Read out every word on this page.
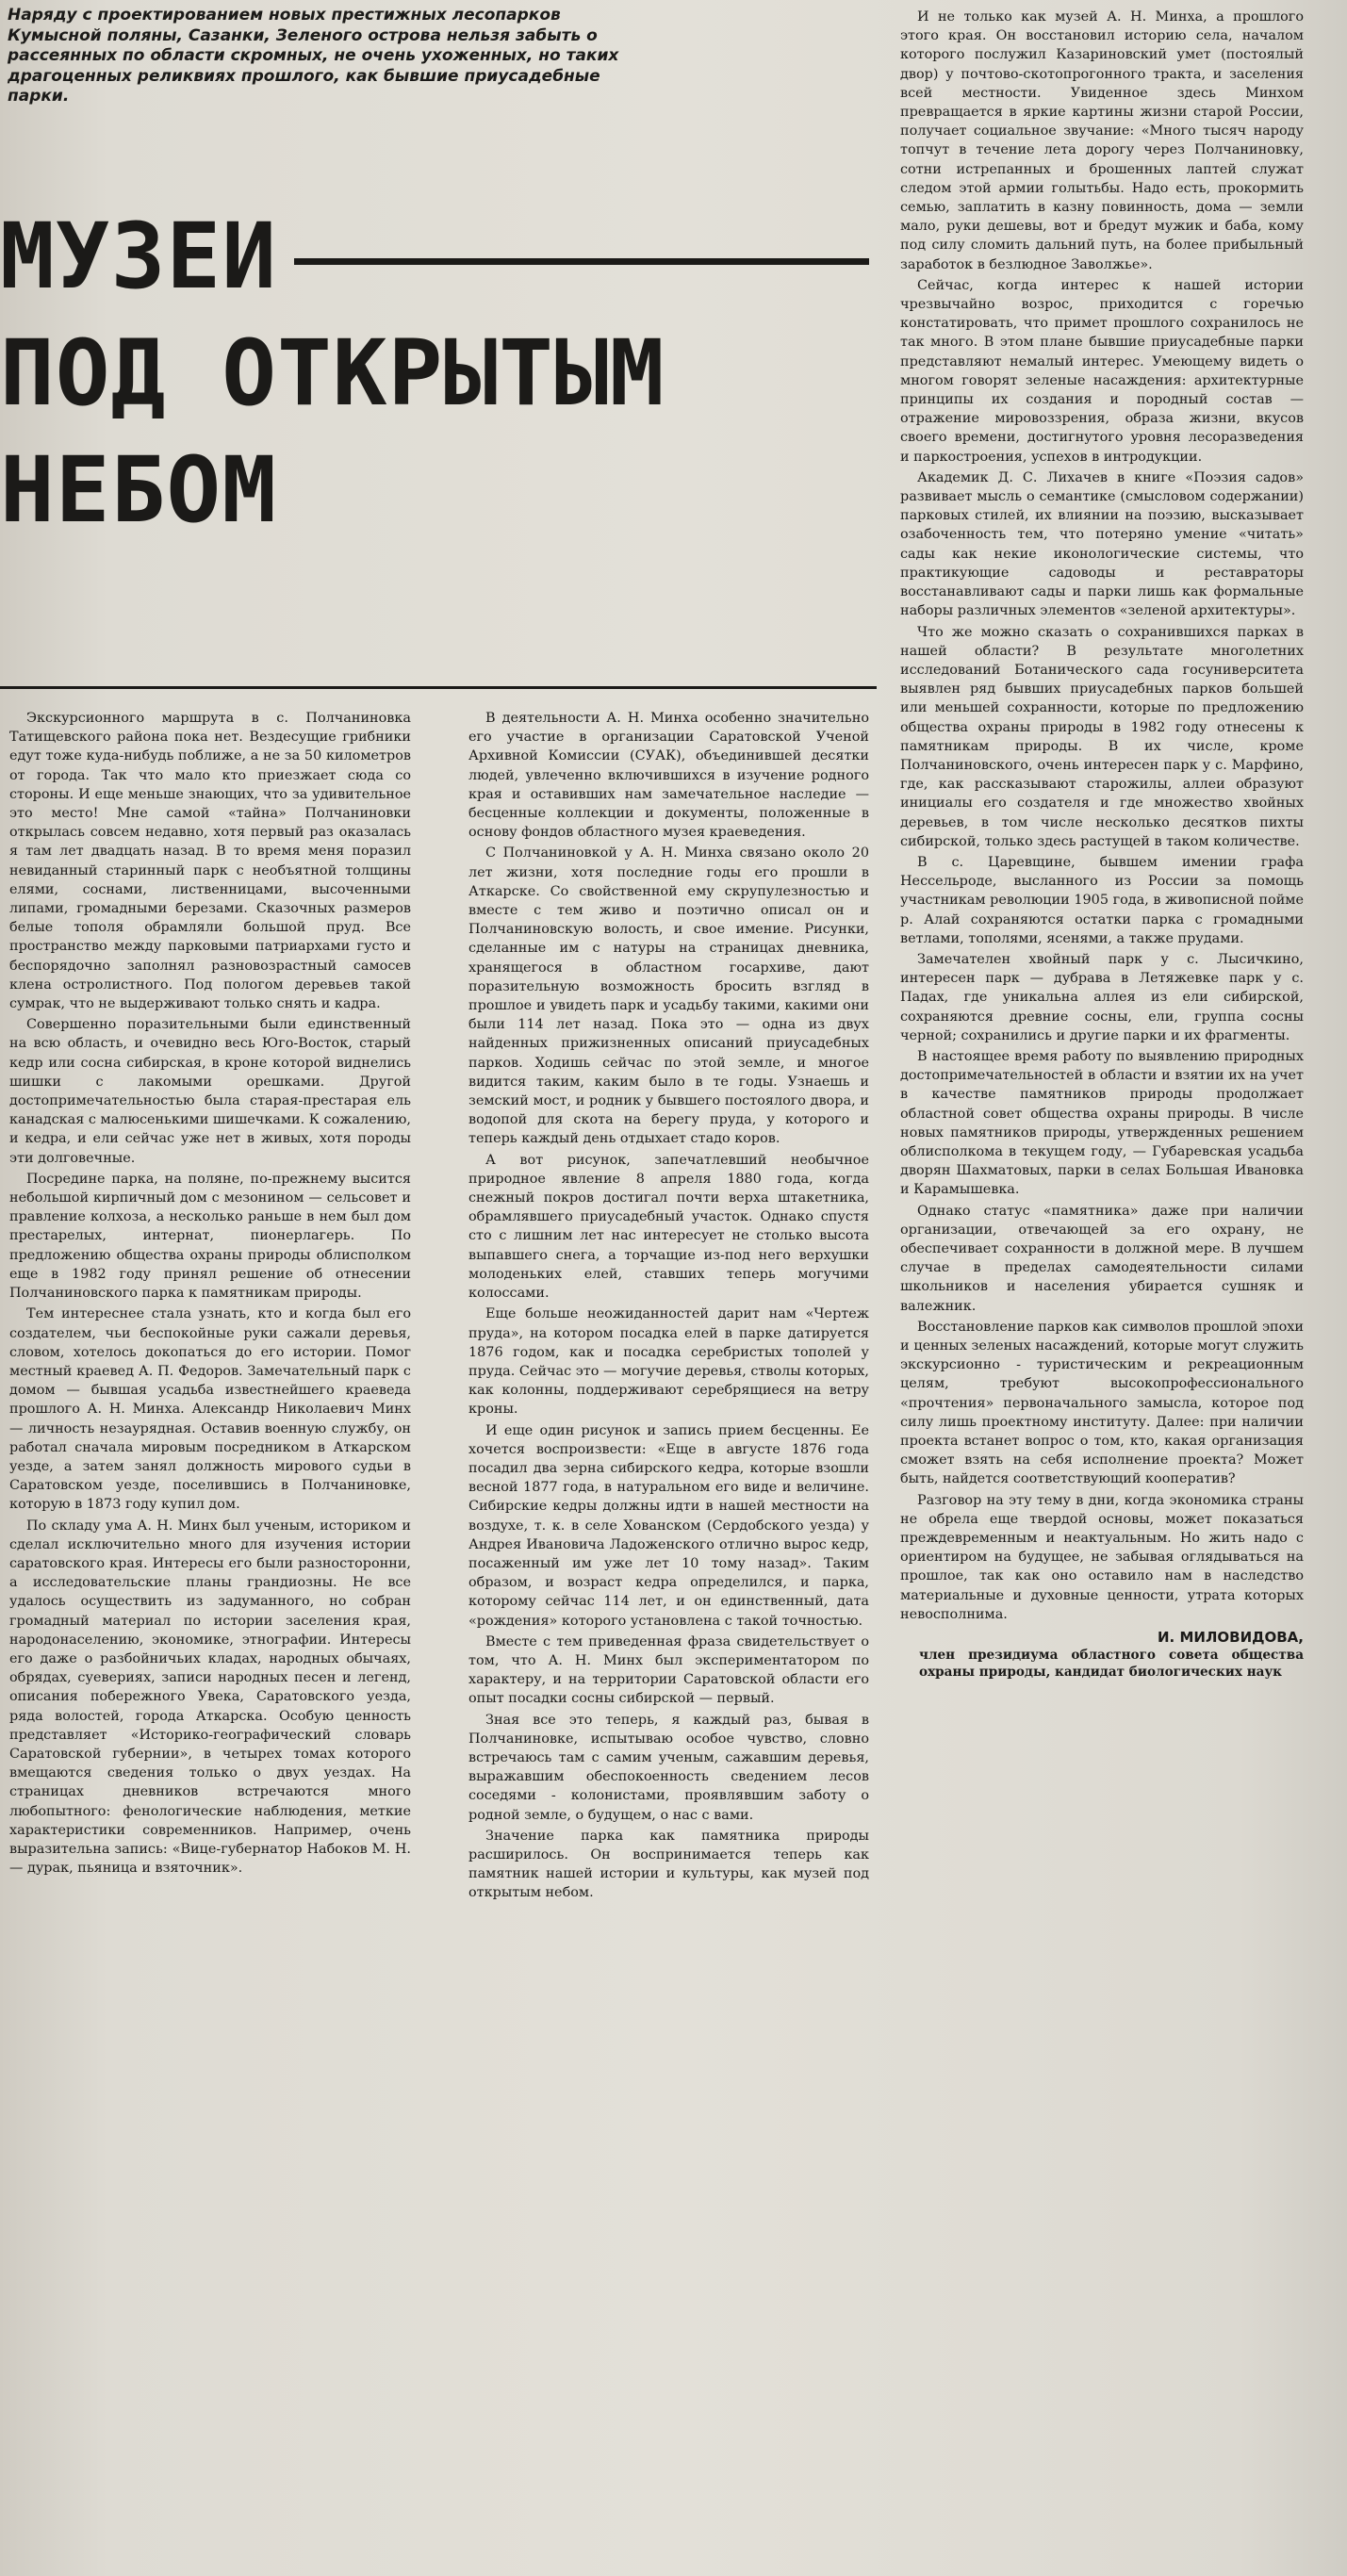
Наряду с проектированием новых престижных лесопарков Кумысной поляны, Сазанки, Зеленого острова нельзя забыть о рассеянных по области скромных, не очень ухоженных, но таких драгоценных реликвиях прошлого, как бывшие приусадебные парки.
МУЗЕИ
ПОД ОТКРЫТЫМ
НЕБОМ

Экскурсионного маршрута в с. Полчаниновка Татищевского района пока нет. Вездесущие грибники едут тоже куда-нибудь поближе, а не за 50 километров от города. Так что мало кто приезжает сюда со стороны. И еще меньше знающих, что за удивительное это место! Мне самой «тайна» Полчаниновки открылась совсем недавно, хотя первый раз оказалась я там лет двадцать назад. В то время меня поразил невиданный старинный парк с необъятной толщины елями, соснами, лиственницами, высоченными липами, громадными березами. Сказочных размеров белые тополя обрамляли большой пруд. Все пространство между парковыми патриархами густо и беспорядочно заполнял разновозрастный самосев клена остролистного. Под пологом деревьев такой сумрак, что не выдерживают только снять и кадра.

Совершенно поразительными были единственный на всю область, и очевидно весь Юго-Восток, старый кедр или сосна сибирская, в кроне которой виднелись шишки с лакомыми орешками. Другой достопримечательностью была старая-престарая ель канадская с малюсенькими шишечками. К сожалению, и кедра, и ели сейчас уже нет в живых, хотя породы эти долговечные.

Посредине парка, на поляне, по-прежнему высится небольшой кирпичный дом с мезонином — сельсовет и правление колхоза, а несколько раньше в нем был дом престарелых, интернат, пионерлагерь. По предложению общества охраны природы облисполком еще в 1982 году принял решение об отнесении Полчаниновского парка к памятникам природы.

Тем интереснее стала узнать, кто и когда был его создателем, чьи беспокойные руки сажали деревья, словом, хотелось докопаться до его истории. Помог местный краевед А. П. Федоров. Замечательный парк с домом — бывшая усадьба известнейшего краеведа прошлого А. Н. Минха. Александр Николаевич Минх — личность незаурядная. Оставив военную службу, он работал сначала мировым посредником в Аткарском уезде, а затем занял должность мирового судьи в Саратовском уезде, поселившись в Полчаниновке, которую в 1873 году купил дом.

По складу ума А. Н. Минх был ученым, историком и сделал исключительно много для изучения истории саратовского края. Интересы его были разносторонни, а исследовательские планы грандиозны. Не все удалось осуществить из задуманного, но собран громадный материал по истории заселения края, народонаселению, экономике, этнографии. Интересы его даже о разбойничьих кладах, народных обычаях, обрядах, суевериях, записи народных песен и легенд, описания побережного Увека, Саратовского уезда, ряда волостей, города Аткарска. Особую ценность представляет «Историко-географический словарь Саратовской губернии», в четырех томах которого вмещаются сведения только о двух уездах. На страницах дневников встречаются много любопытного: фенологические наблюдения, меткие характеристики современников. Например, очень выразительна запись: «Вице-губернатор Набоков М. Н. — дурак, пьяница и взяточник».

В деятельности А. Н. Минха особенно значительно его участие в организации Саратовской Ученой Архивной Комиссии (СУАК), объединившей десятки людей, увлеченно включившихся в изучение родного края и оставивших нам замечательное наследие — бесценные коллекции и документы, положенные в основу фондов областного музея краеведения.

С Полчаниновкой у А. Н. Минха связано около 20 лет жизни, хотя последние годы его прошли в Аткарске. Со свойственной ему скрупулезностью и вместе с тем живо и поэтично описал он и Полчаниновскую волость, и свое имение. Рисунки, сделанные им с натуры на страницах дневника, хранящегося в областном госархиве, дают поразительную возможность бросить взгляд в прошлое и увидеть парк и усадьбу такими, какими они были 114 лет назад. Пока это — одна из двух найденных прижизненных описаний приусадебных парков. Ходишь сейчас по этой земле, и многое видится таким, каким было в те годы. Узнаешь и земский мост, и родник у бывшего постоялого двора, и водопой для скота на берегу пруда, у которого и теперь каждый день отдыхает стадо коров.

А вот рисунок, запечатлевший необычное природное явление 8 апреля 1880 года, когда снежный покров достигал почти верха штакетника, обрамлявшего приусадебный участок. Однако спустя сто с лишним лет нас интересует не столько высота выпавшего снега, а торчащие из-под него верхушки молоденьких елей, ставших теперь могучими колоссами.

Еще больше неожиданностей дарит нам «Чертеж пруда», на котором посадка елей в парке датируется 1876 годом, как и посадка серебристых тополей у пруда. Сейчас это — могучие деревья, стволы которых, как колонны, поддерживают серебрящиеся на ветру кроны.

И еще один рисунок и запись прием бесценны. Ее хочется воспроизвести: «Еще в августе 1876 года посадил два зерна сибирского кедра, которые взошли весной 1877 года, в натуральном его виде и величине. Сибирские кедры должны идти в нашей местности на воздухе, т. к. в селе Хованском (Сердобского уезда) у Андрея Ивановича Ладоженского отлично вырос кедр, посаженный им уже лет 10 тому назад». Таким образом, и возраст кедра определился, и парка, которому сейчас 114 лет, и он единственный, дата «рождения» которого установлена с такой точностью.

Вместе с тем приведенная фраза свидетельствует о том, что А. Н. Минх был экспериментатором по характеру, и на территории Саратовской области его опыт посадки сосны сибирской — первый.

Зная все это теперь, я каждый раз, бывая в Полчаниновке, испытываю особое чувство, словно встречаюсь там с самим ученым, сажавшим деревья, выражавшим обеспокоенность сведением лесов соседями - колонистами, проявлявшим заботу о родной земле, о будущем, о нас с вами.

Значение парка как памятника природы расширилось. Он воспринимается теперь как памятник нашей истории и культуры, как музей под открытым небом.

И не только как музей А. Н. Минха, а прошлого этого края. Он восстановил историю села, началом которого послужил Казариновский умет (постоялый двор) у почтово-скотопрогонного тракта, и заселения всей местности. Увиденное здесь Минхом превращается в яркие картины жизни старой России, получает социальное звучание: «Много тысяч народу топчут в течение лета дорогу через Полчаниновку, сотни истрепанных и брошенных лаптей служат следом этой армии голытьбы. Надо есть, прокормить семью, заплатить в казну повинность, дома — земли мало, руки дешевы, вот и бредут мужик и баба, кому под силу сломить дальний путь, на более прибыльный заработок в безлюдное Заволжье».

Сейчас, когда интерес к нашей истории чрезвычайно возрос, приходится с горечью констатировать, что примет прошлого сохранилось не так много. В этом плане бывшие приусадебные парки представляют немалый интерес. Умеющему видеть о многом говорят зеленые насаждения: архитектурные принципы их создания и породный состав — отражение мировоззрения, образа жизни, вкусов своего времени, достигнутого уровня лесоразведения и паркостроения, успехов в интродукции.

Академик Д. С. Лихачев в книге «Поэзия садов» развивает мысль о семантике (смысловом содержании) парковых стилей, их влиянии на поэзию, высказывает озабоченность тем, что потеряно умение «читать» сады как некие иконологические системы, что практикующие садоводы и реставраторы восстанавливают сады и парки лишь как формальные наборы различных элементов «зеленой архитектуры».

Что же можно сказать о сохранившихся парках в нашей области? В результате многолетних исследований Ботанического сада госуниверситета выявлен ряд бывших приусадебных парков большей или меньшей сохранности, которые по предложению общества охраны природы в 1982 году отнесены к памятникам природы. В их числе, кроме Полчаниновского, очень интересен парк у с. Марфино, где, как рассказывают старожилы, аллеи образуют инициалы его создателя и где множество хвойных деревьев, в том числе несколько десятков пихты сибирской, только здесь растущей в таком количестве.

В с. Царевщине, бывшем имении графа Нессельроде, высланного из России за помощь участникам революции 1905 года, в живописной пойме р. Алай сохраняются остатки парка с громадными ветлами, тополями, ясенями, а также прудами.

Замечателен хвойный парк у с. Лысичкино, интересен парк — дубрава в Летяжевке парк у с. Падах, где уникальна аллея из ели сибирской, сохраняются древние сосны, ели, группа сосны черной; сохранились и другие парки и их фрагменты.

В настоящее время работу по выявлению природных достопримечательностей в области и взятии их на учет в качестве памятников природы продолжает областной совет общества охраны природы. В числе новых памятников природы, утвержденных решением облисполкома в текущем году, — Губаревская усадьба дворян Шахматовых, парки в селах Большая Ивановка и Карамышевка.

Однако статус «памятника» даже при наличии организации, отвечающей за его охрану, не обеспечивает сохранности в должной мере. В лучшем случае в пределах самодеятельности силами школьников и населения убирается сушняк и валежник.

Восстановление парков как символов прошлой эпохи и ценных зеленых насаждений, которые могут служить экскурсионно - туристическим и рекреационным целям, требуют высокопрофессионального «прочтения» первоначального замысла, которое под силу лишь проектному институту. Далее: при наличии проекта встанет вопрос о том, кто, какая организация сможет взять на себя исполнение проекта? Может быть, найдется соответствующий кооператив?

Разговор на эту тему в дни, когда экономика страны не обрела еще твердой основы, может показаться преждевременным и неактуальным. Но жить надо с ориентиром на будущее, не забывая оглядываться на прошлое, так как оно оставило нам в наследство материальные и духовные ценности, утрата которых невосполнима.

И. МИЛОВИДОВА,
член президиума областного совета общества охраны природы, кандидат биологических наук
